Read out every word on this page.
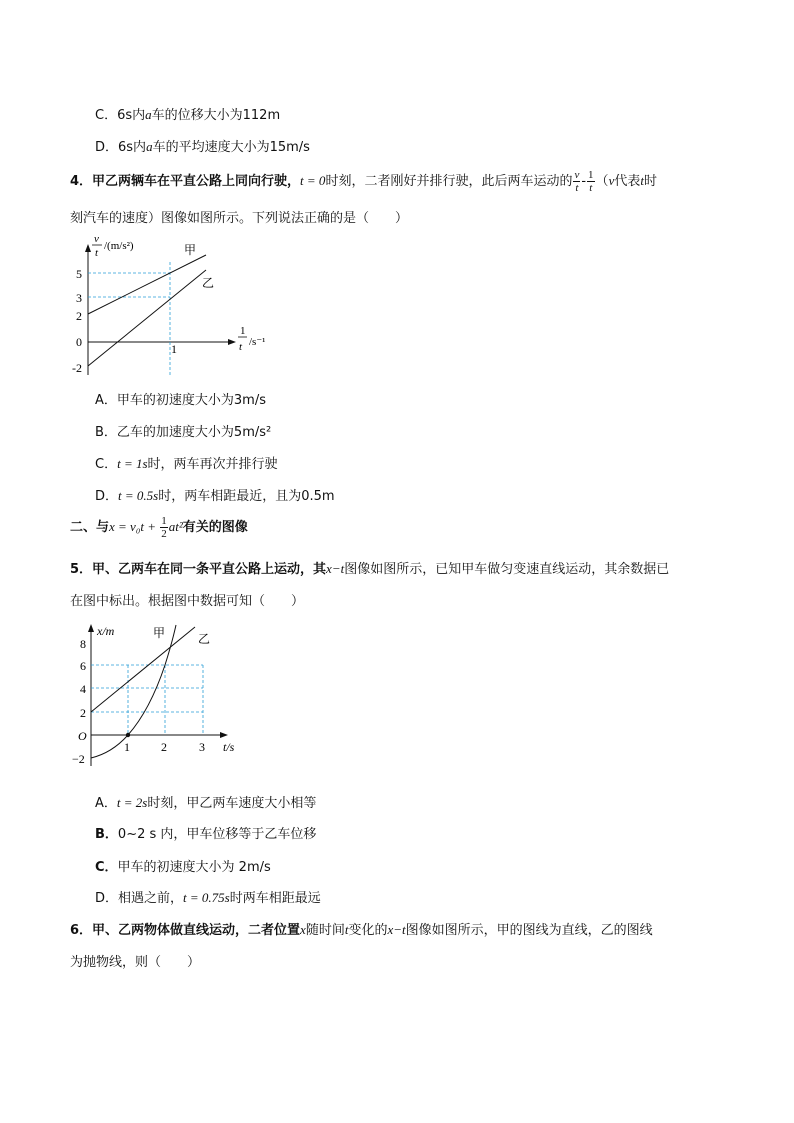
C．6s内a车的位移大小为112m
D．6s内a车的平均速度大小为15m/s
4．甲乙两辆车在平直公路上同向行驶，t = 0时刻，二者刚好并排行驶，此后两车运动的 $\frac{v}{t} - \frac{1}{t} (v$代表t时
刻汽车的速度）图像如图所示。下列说法正确的是（　　）
5
3
2
0
-2
1
v
t
/(m/s²)
1
t /s⁻¹
甲
乙
A．甲车的初速度大小为3m/s
B．乙车的加速度大小为5m/s²
C．t = 1s时，两车再次并排行驶
D．t = 0.5s时，两车相距最近，且为0.5m
二、与$x = v_0t + \frac{1}{2} at^2$有关的图像
5．甲、乙两车在同一条平直公路上运动，其x−t图像如图所示，已知甲车做匀变速直线运动，其余数据已
在图中标出。根据图中数据可知（　　）
8
6
4
2
−2
O
1	2	3
x/m
t/s
甲	乙
A．t = 2s时刻，甲乙两车速度大小相等
B．0~2 s 内，甲车位移等于乙车位移
C．甲车的初速度大小为 2m/s
D．相遇之前，t = 0.75s时两车相距最远
6．甲、乙两物体做直线运动，二者位置x随时间t变化的x−t图像如图所示，甲的图线为直线，乙的图线
为抛物线，则（　　）
